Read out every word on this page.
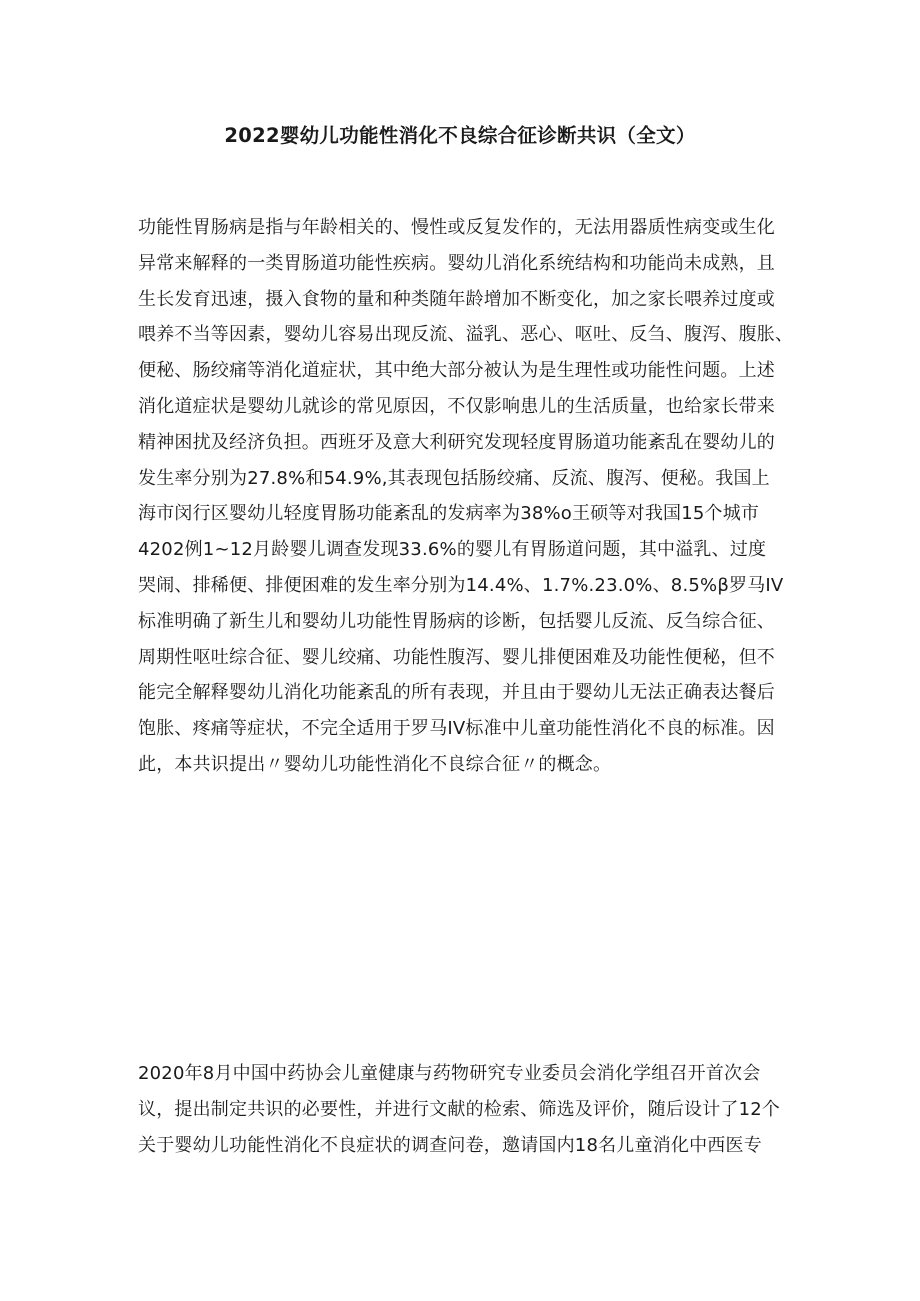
2022婴幼儿功能性消化不良综合征诊断共识（全文）
功能性胃肠病是指与年龄相关的、慢性或反复发作的，无法用器质性病变或生化
异常来解释的一类胃肠道功能性疾病。婴幼儿消化系统结构和功能尚未成熟，且
生长发育迅速，摄入食物的量和种类随年龄增加不断变化，加之家长喂养过度或
喂养不当等因素，婴幼儿容易出现反流、溢乳、恶心、呕吐、反刍、腹泻、腹胀、
便秘、肠绞痛等消化道症状，其中绝大部分被认为是生理性或功能性问题。上述
消化道症状是婴幼儿就诊的常见原因，不仅影响患儿的生活质量，也给家长带来
精神困扰及经济负担。西班牙及意大利研究发现轻度胃肠道功能紊乱在婴幼儿的
发生率分别为27.8%和54.9%,其表现包括肠绞痛、反流、腹泻、便秘。我国上
海市闵行区婴幼儿轻度胃肠功能紊乱的发病率为38%o王硕等对我国15个城市
4202例1~12月龄婴儿调查发现33.6%的婴儿有胃肠道问题，其中溢乳、过度
哭闹、排稀便、排便困难的发生率分别为14.4%、1.7%.23.0%、8.5%β罗马IV
标准明确了新生儿和婴幼儿功能性胃肠病的诊断，包括婴儿反流、反刍综合征、
周期性呕吐综合征、婴儿绞痛、功能性腹泻、婴儿排便困难及功能性便秘，但不
能完全解释婴幼儿消化功能紊乱的所有表现，并且由于婴幼儿无法正确表达餐后
饱胀、疼痛等症状，不完全适用于罗马IV标准中儿童功能性消化不良的标准。因
此，本共识提出〃婴幼儿功能性消化不良综合征〃的概念。
2020年8月中国中药协会儿童健康与药物研究专业委员会消化学组召开首次会
议，提出制定共识的必要性，并进行文献的检索、筛选及评价，随后设计了12个
关于婴幼儿功能性消化不良症状的调查问卷，邀请国内18名儿童消化中西医专
